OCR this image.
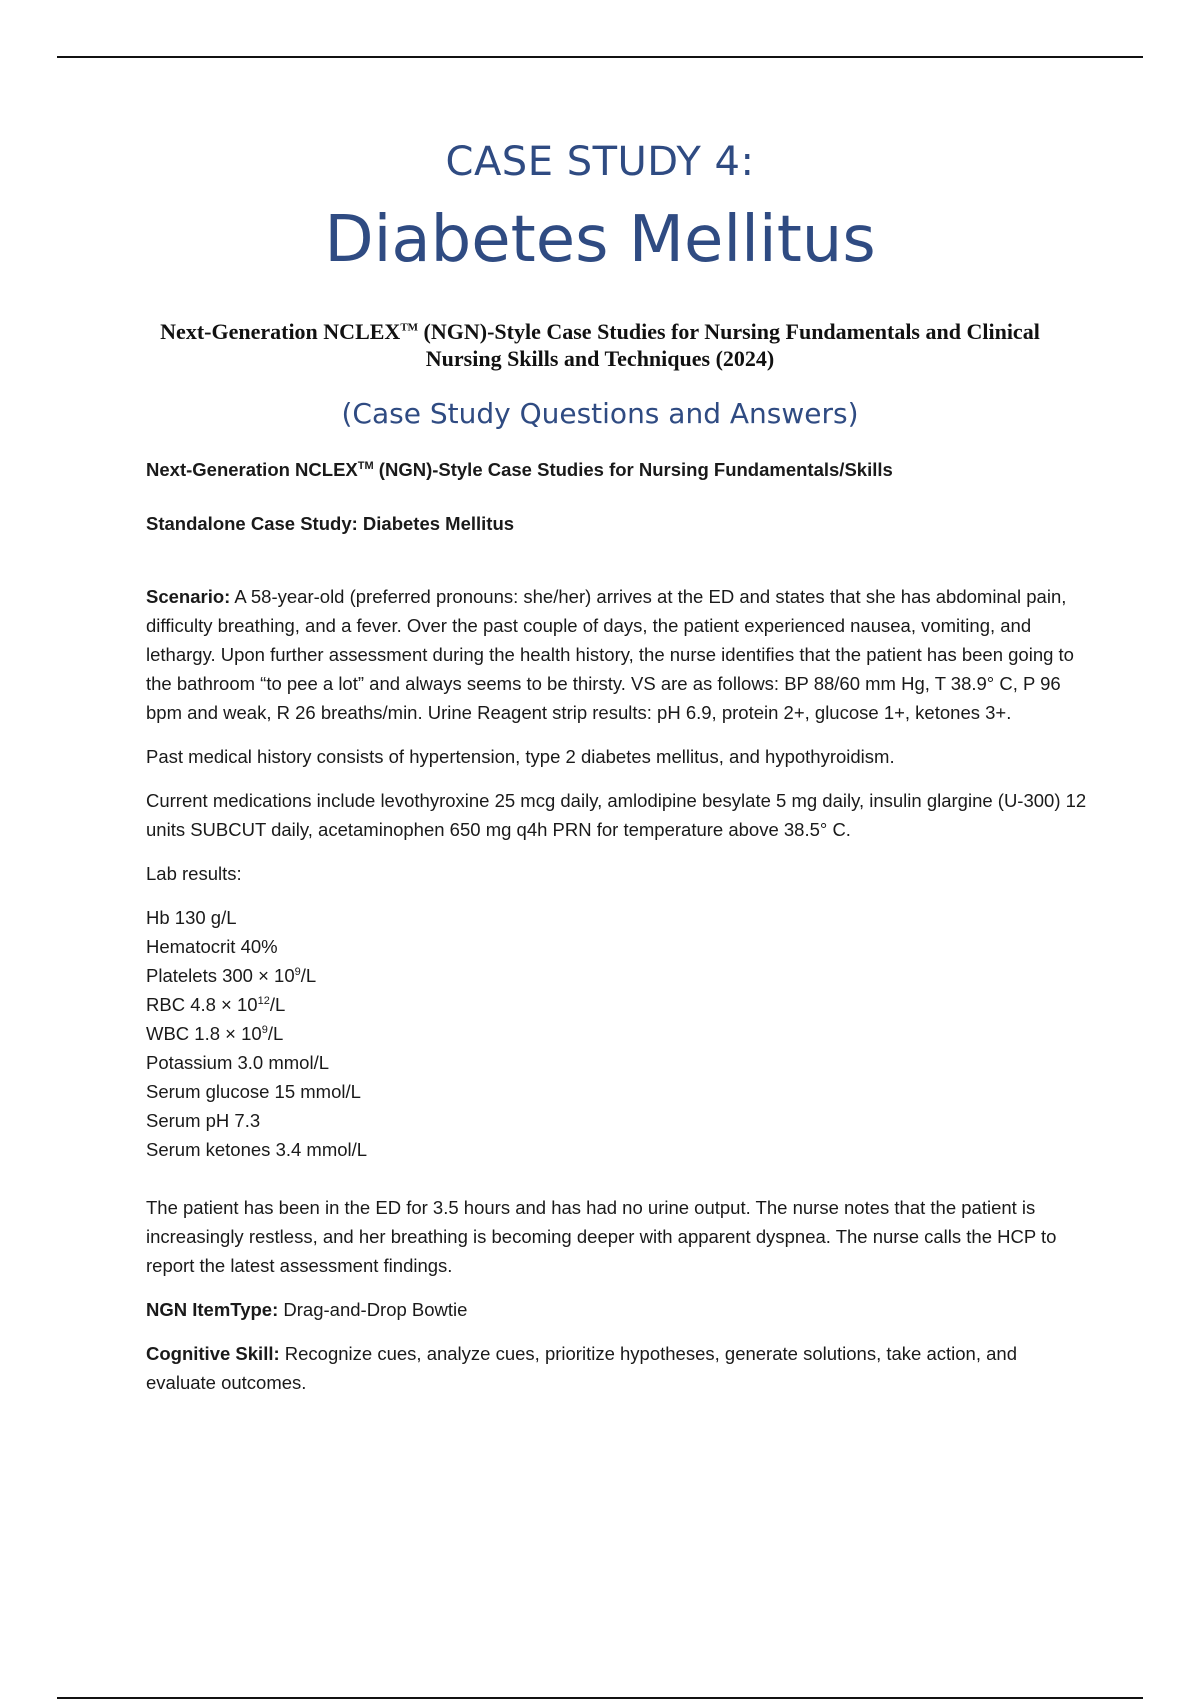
CASE STUDY 4:
Diabetes Mellitus
Next-Generation NCLEX™ (NGN)-Style Case Studies for Nursing Fundamentals and Clinical Nursing Skills and Techniques (2024)
(Case Study Questions and Answers)

Next-Generation NCLEX™ (NGN)-Style Case Studies for Nursing Fundamentals/Skills

Standalone Case Study: Diabetes Mellitus

Scenario: A 58-year-old (preferred pronouns: she/her) arrives at the ED and states that she has abdominal pain, difficulty breathing, and a fever. Over the past couple of days, the patient experienced nausea, vomiting, and lethargy. Upon further assessment during the health history, the nurse identifies that the patient has been going to the bathroom “to pee a lot” and always seems to be thirsty. VS are as follows: BP 88/60 mm Hg, T 38.9° C, P 96 bpm and weak, R 26 breaths/min. Urine Reagent strip results: pH 6.9, protein 2+, glucose 1+, ketones 3+.

Past medical history consists of hypertension, type 2 diabetes mellitus, and hypothyroidism.

Current medications include levothyroxine 25 mcg daily, amlodipine besylate 5 mg daily, insulin glargine (U-300) 12 units SUBCUT daily, acetaminophen 650 mg q4h PRN for temperature above 38.5° C.

Lab results:

Hb 130 g/L
Hematocrit 40%
Platelets $300 \times 10^9/L$
RBC $4.8 \times 10^{12}/L$
WBC $1.8 \times 10^9/L$
Potassium 3.0 mmol/L
Serum glucose 15 mmol/L
Serum pH 7.3
Serum ketones 3.4 mmol/L

The patient has been in the ED for 3.5 hours and has had no urine output. The nurse notes that the patient is increasingly restless, and her breathing is becoming deeper with apparent dyspnea. The nurse calls the HCP to report the latest assessment findings.

NGN ItemType: Drag-and-Drop Bowtie

Cognitive Skill: Recognize cues, analyze cues, prioritize hypotheses, generate solutions, take action, and evaluate outcomes.
